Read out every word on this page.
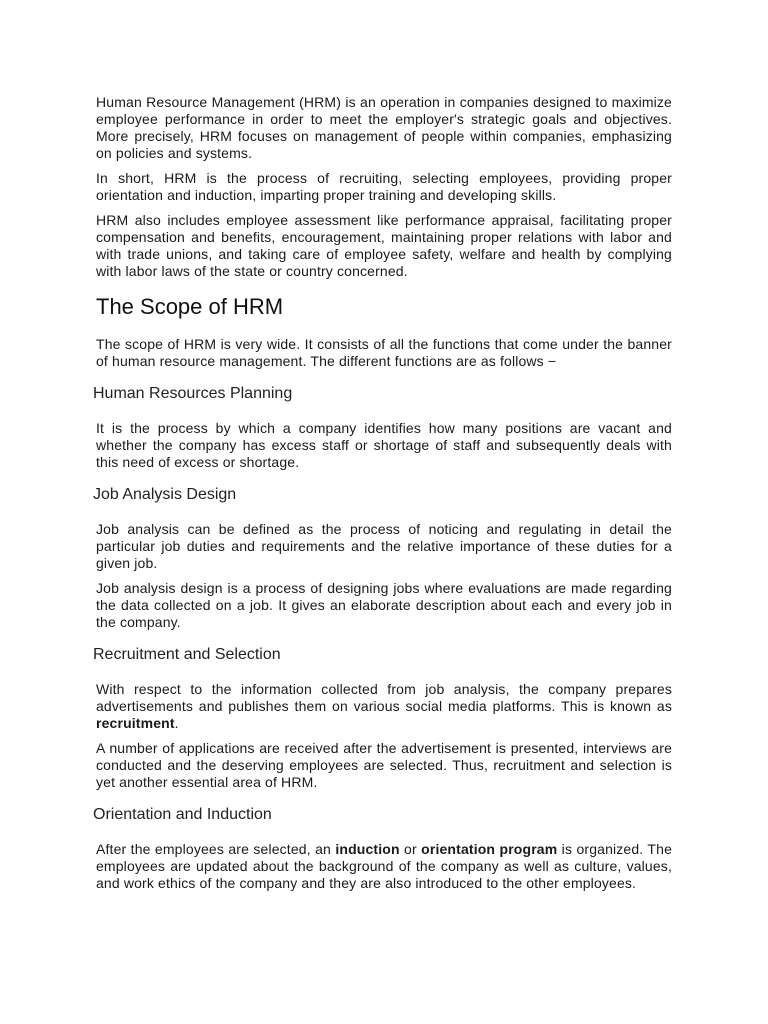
Human Resource Management (HRM) is an operation in companies designed to maximize employee performance in order to meet the employer's strategic goals and objectives. More precisely, HRM focuses on management of people within companies, emphasizing on policies and systems.

In short, HRM is the process of recruiting, selecting employees, providing proper orientation and induction, imparting proper training and developing skills.

HRM also includes employee assessment like performance appraisal, facilitating proper compensation and benefits, encouragement, maintaining proper relations with labor and with trade unions, and taking care of employee safety, welfare and health by complying with labor laws of the state or country concerned.

The Scope of HRM

The scope of HRM is very wide. It consists of all the functions that come under the banner of human resource management. The different functions are as follows −

Human Resources Planning

It is the process by which a company identifies how many positions are vacant and whether the company has excess staff or shortage of staff and subsequently deals with this need of excess or shortage.

Job Analysis Design

Job analysis can be defined as the process of noticing and regulating in detail the particular job duties and requirements and the relative importance of these duties for a given job.

Job analysis design is a process of designing jobs where evaluations are made regarding the data collected on a job. It gives an elaborate description about each and every job in the company.

Recruitment and Selection

With respect to the information collected from job analysis, the company prepares advertisements and publishes them on various social media platforms. This is known as recruitment.

A number of applications are received after the advertisement is presented, interviews are conducted and the deserving employees are selected. Thus, recruitment and selection is yet another essential area of HRM.

Orientation and Induction

After the employees are selected, an induction or orientation program is organized. The employees are updated about the background of the company as well as culture, values, and work ethics of the company and they are also introduced to the other employees.
